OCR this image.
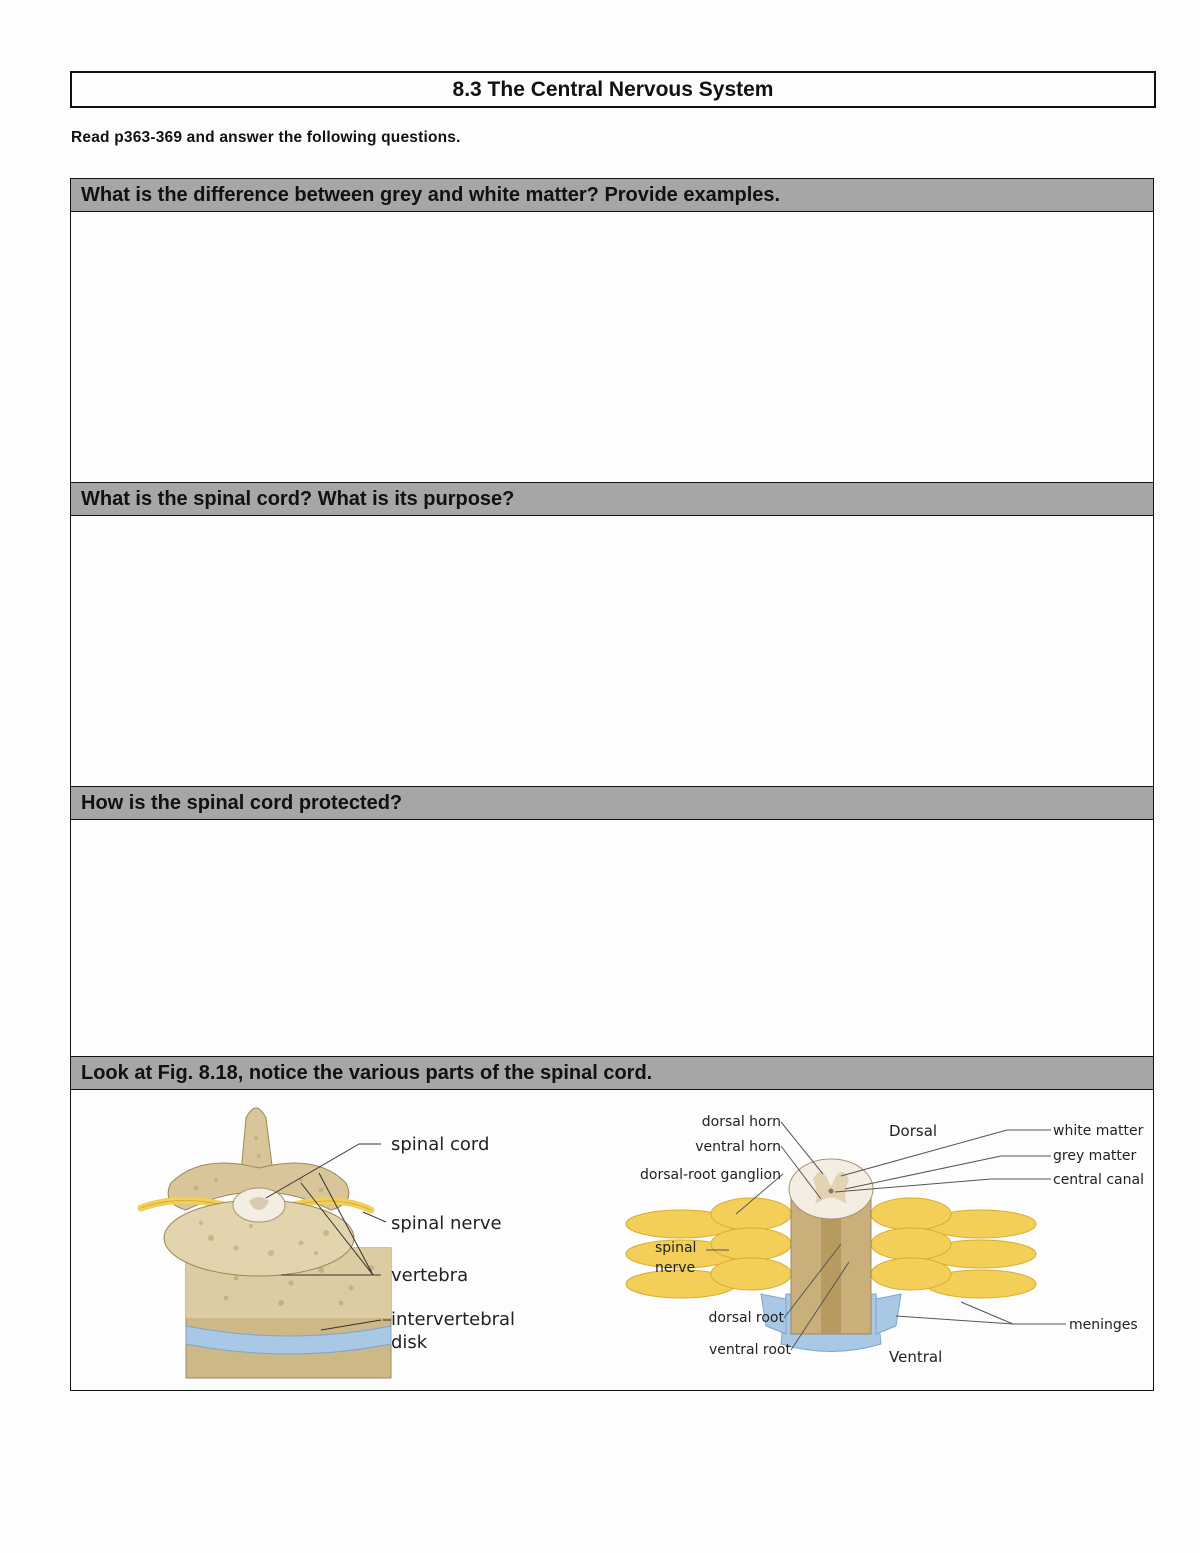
8.3 The Central Nervous System
Read p363-369 and answer the following questions.
What is the difference between grey and white matter? Provide examples.
What is the spinal cord? What is its purpose?
How is the spinal cord protected?
Look at Fig. 8.18, notice the various parts of the spinal cord.
spinal cord
spinal nerve
vertebra
intervertebral
disk
Dorsal
Ventral
dorsal horn
ventral horn
dorsal-root ganglion
spinal
nerve
dorsal root
ventral root
white matter
grey matter
central canal
meninges
